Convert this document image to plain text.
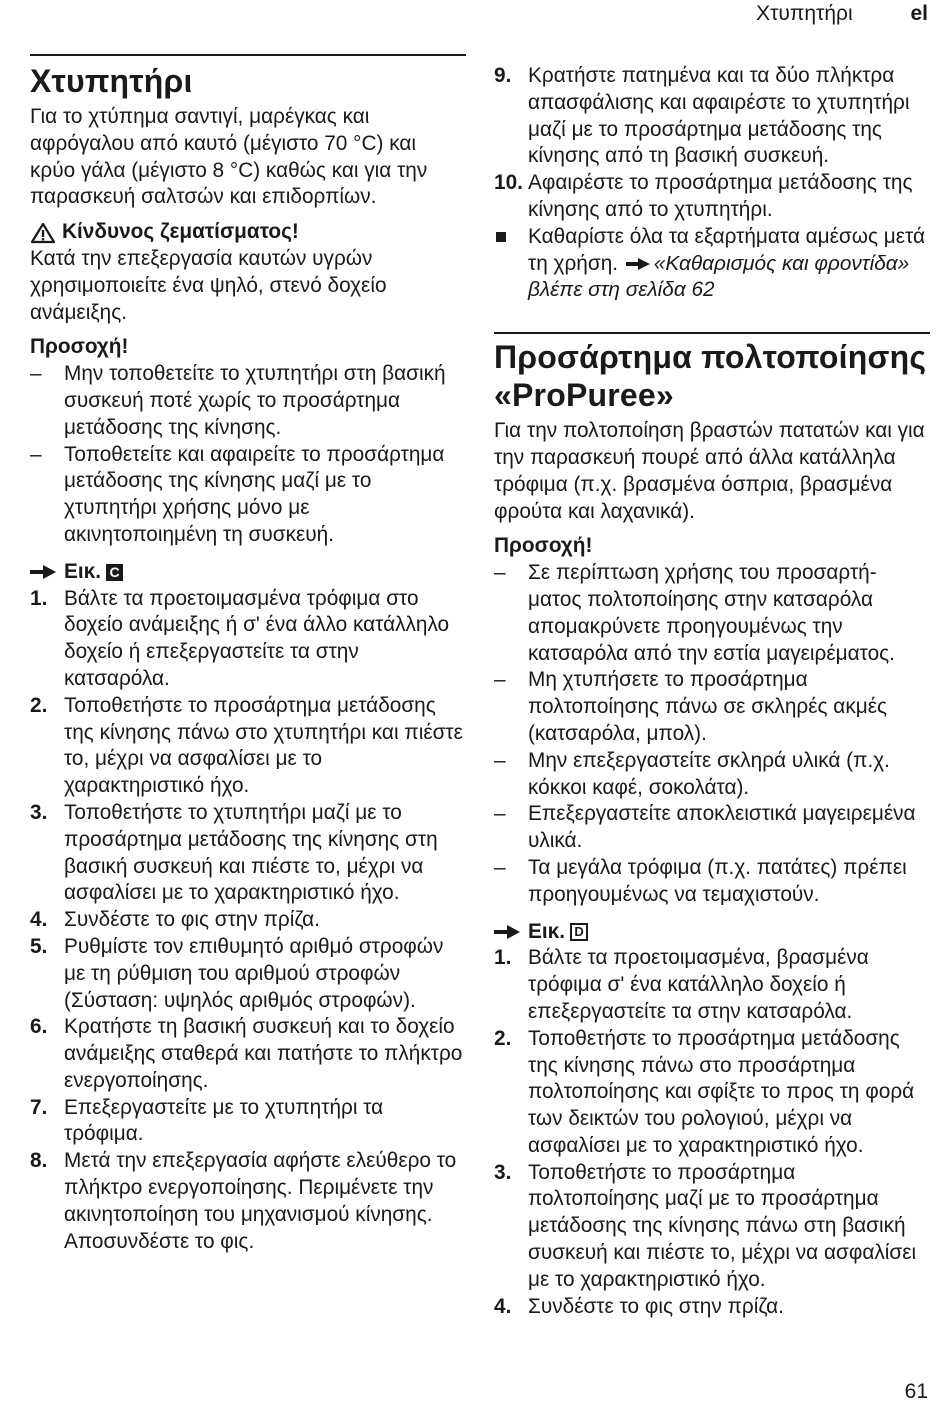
Χτυπητήρι	el
Χτυπητήρι

Για το χτύπημα σαντιγί, μαρέγκας και αφρόγαλου από καυτό (μέγιστο 70 °C) και κρύο γάλα (μέγιστο 8 °C) καθώς και για την παρασκευή σαλτσών και επιδορπίων.

Κίνδυνος ζεματίσματος!

Κατά την επεξεργασία καυτών υγρών χρησιμοποιείτε ένα ψηλό, στενό δοχείο ανάμειξης.

Προσοχή!

–	Μην τοποθετείτε το χτυπητήρι στη βασική συσκευή ποτέ χωρίς το προσάρτημα μετάδοσης της κίνησης.
–	Τοποθετείτε και αφαιρείτε το προσάρτημα μετάδοσης της κίνησης μαζί με το χτυπητήρι χρήσης μόνο με ακινητοποιημένη τη συσκευή.
Εικ. C
1. Βάλτε τα προετοιμασμένα τρόφιμα στο δοχείο ανάμειξης ή σ' ένα άλλο κατάλληλο δοχείο ή επεξεργαστείτε τα στην κατσαρόλα.
2. Τοποθετήστε το προσάρτημα μετάδοσης της κίνησης πάνω στο χτυπητήρι και πιέστε το, μέχρι να ασφαλίσει με το χαρακτηριστικό ήχο.
3. Τοποθετήστε το χτυπητήρι μαζί με το προσάρτημα μετάδοσης της κίνησης στη βασική συσκευή και πιέστε το, μέχρι να ασφαλίσει με το χαρακτηριστικό ήχο.
4. Συνδέστε το φις στην πρίζα.
5. Ρυθμίστε τον επιθυμητό αριθμό στροφών με τη ρύθμιση του αριθμού στροφών (Σύσταση: υψηλός αριθμός στροφών).
6. Κρατήστε τη βασική συσκευή και το δοχείο ανάμειξης σταθερά και πατήστε το πλήκτρο ενεργοποίησης.
7. Επεξεργαστείτε με το χτυπητήρι τα τρόφιμα.
8. Μετά την επεξεργασία αφήστε ελεύθερο το πλήκτρο ενεργοποίησης. Περιμένετε την ακινητοποίηση του μηχανισμού κίνησης. Αποσυνδέστε το φις.
9. Κρατήστε πατημένα και τα δύο πλήκτρα απασφάλισης και αφαιρέστε το χτυπητήρι μαζί με το προσάρτημα μετάδοσης της κίνησης από τη βασική συσκευή.
10. Αφαιρέστε το προσάρτημα μετάδοσης της κίνησης από το χτυπητήρι.
Καθαρίστε όλα τα εξαρτήματα αμέσως μετά τη χρήση. «Καθαρισμός και φροντίδα» βλέπε στη σελίδα 62
Προσάρτημα πολτοποίησης «ProPuree»

Για την πολτοποίηση βραστών πατατών και για την παρασκευή πουρέ από άλλα κατάλληλα τρόφιμα (π.χ. βρασμένα όσπρια, βρασμένα φρούτα και λαχανικά).

Προσοχή!

–	Σε περίπτωση χρήσης του προσαρτή-ματος πολτοποίησης στην κατσαρόλα απομακρύνετε προηγουμένως την κατσαρόλα από την εστία μαγειρέματος.
–	Μη χτυπήσετε το προσάρτημα πολτοποίησης πάνω σε σκληρές ακμές (κατσαρόλα, μπολ).
–	Μην επεξεργαστείτε σκληρά υλικά (π.χ. κόκκοι καφέ, σοκολάτα).
–	Επεξεργαστείτε αποκλειστικά μαγειρεμένα υλικά.
–	Τα μεγάλα τρόφιμα (π.χ. πατάτες) πρέπει προηγουμένως να τεμαχιστούν.
Εικ. D
1. Βάλτε τα προετοιμασμένα, βρασμένα τρόφιμα σ' ένα κατάλληλο δοχείο ή επεξεργαστείτε τα στην κατσαρόλα.
2. Τοποθετήστε το προσάρτημα μετάδοσης της κίνησης πάνω στο προσάρτημα πολτοποίησης και σφίξτε το προς τη φορά των δεικτών του ρολογιού, μέχρι να ασφαλίσει με το χαρακτηριστικό ήχο.
3. Τοποθετήστε το προσάρτημα πολτοποίησης μαζί με το προσάρτημα μετάδοσης της κίνησης πάνω στη βασική συσκευή και πιέστε το, μέχρι να ασφαλίσει με το χαρακτηριστικό ήχο.
4. Συνδέστε το φις στην πρίζα.
61
